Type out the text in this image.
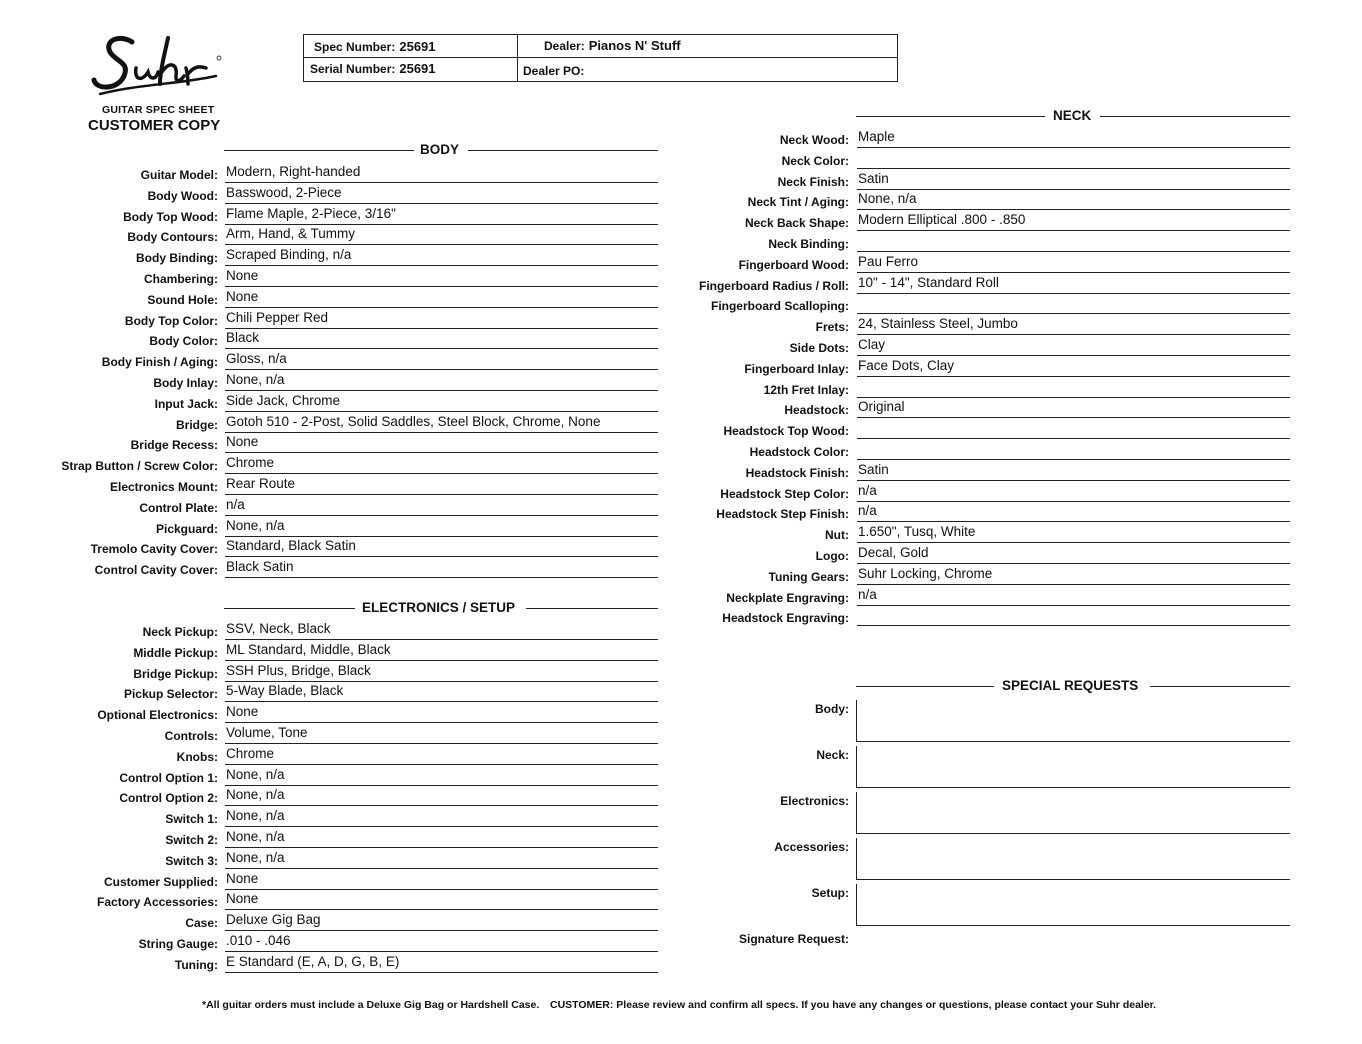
GUITAR SPEC SHEET
CUSTOMER COPY
Spec Number: 25691	Dealer: Pianos N' Stuff
Serial Number: 25691	Dealer PO:
BODY
ELECTRONICS / SETUP
NECK
SPECIAL REQUESTS
Guitar Model: Modern, Right-handed
Body Wood: Basswood, 2-Piece
Body Top Wood: Flame Maple, 2-Piece, 3/16"
Body Contours: Arm, Hand, & Tummy
Body Binding: Scraped Binding, n/a
Chambering: None
Sound Hole: None
Body Top Color: Chili Pepper Red
Body Color: Black
Body Finish / Aging: Gloss, n/a
Body Inlay: None, n/a
Input Jack: Side Jack, Chrome
Bridge: Gotoh 510 - 2-Post, Solid Saddles, Steel Block, Chrome, None
Bridge Recess: None
Strap Button / Screw Color: Chrome
Electronics Mount: Rear Route
Control Plate: n/a
Pickguard: None, n/a
Tremolo Cavity Cover: Standard, Black Satin
Control Cavity Cover: Black Satin
Neck Pickup: SSV, Neck, Black
Middle Pickup: ML Standard, Middle, Black
Bridge Pickup: SSH Plus, Bridge, Black
Pickup Selector: 5-Way Blade, Black
Optional Electronics: None
Controls: Volume, Tone
Knobs: Chrome
Control Option 1: None, n/a
Control Option 2: None, n/a
Switch 1: None, n/a
Switch 2: None, n/a
Switch 3: None, n/a
Customer Supplied: None
Factory Accessories: None
Case: Deluxe Gig Bag
String Gauge: .010 - .046
Tuning: E Standard (E, A, D, G, B, E)
Neck Wood: Maple
Neck Color:
Neck Finish: Satin
Neck Tint / Aging: None, n/a
Neck Back Shape: Modern Elliptical .800 - .850
Neck Binding:
Fingerboard Wood: Pau Ferro
Fingerboard Radius / Roll: 10" - 14", Standard Roll
Fingerboard Scalloping:
Frets: 24, Stainless Steel, Jumbo
Side Dots: Clay
Fingerboard Inlay: Face Dots, Clay
12th Fret Inlay:
Headstock: Original
Headstock Top Wood:
Headstock Color:
Headstock Finish: Satin
Headstock Step Color: n/a
Headstock Step Finish: n/a
Nut: 1.650", Tusq, White
Logo: Decal, Gold
Tuning Gears: Suhr Locking, Chrome
Neckplate Engraving: n/a
Headstock Engraving:
Body:
Neck:
Electronics:
Accessories:
Setup:
Signature Request:
*All guitar orders must include a Deluxe Gig Bag or Hardshell Case. CUSTOMER: Please review and confirm all specs. If you have any changes or questions, please contact your Suhr dealer.
